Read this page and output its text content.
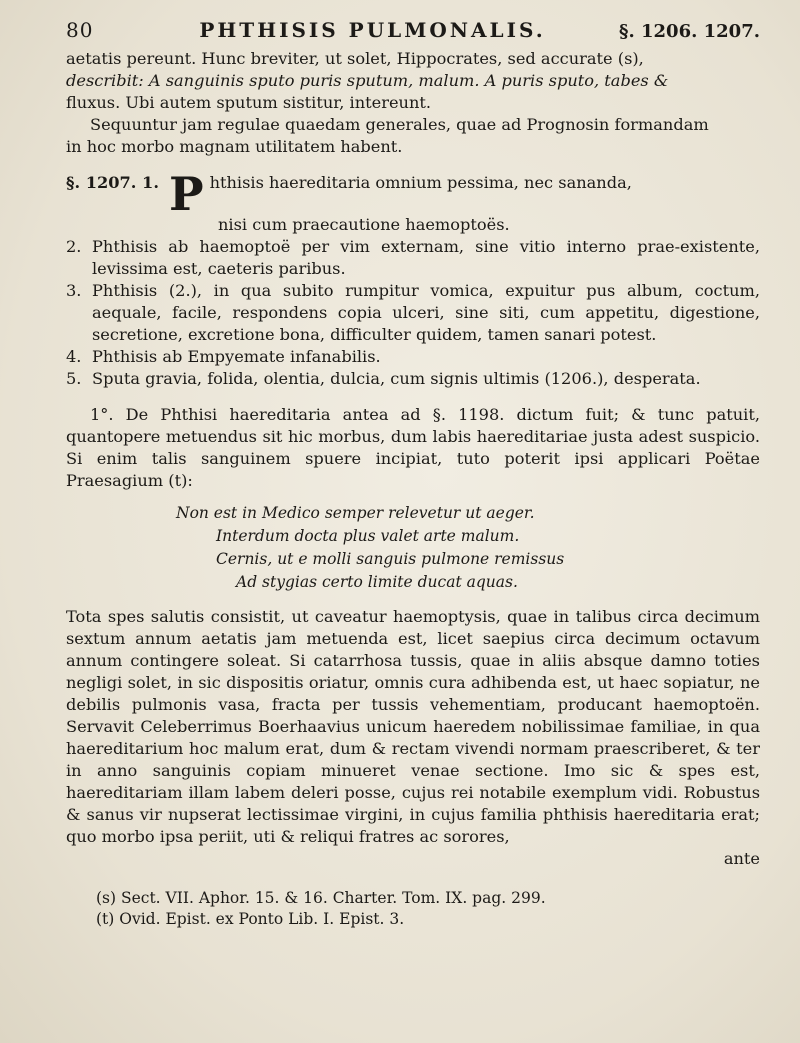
80	PHTHISIS PULMONALIS.	§. 1206. 1207.

aetatis pereunt. Hunc breviter, ut solet, Hippocrates, sed accurate (s),

describit: A sanguinis sputo puris sputum, malum. A puris sputo, tabes &

fluxus. Ubi autem sputum sistitur, intereunt.

Sequuntur jam regulae quaedam generales, quae ad Prognosin formandam

in hoc morbo magnam utilitatem habent.

§. 1207. 1. P hthisis haereditaria omnium pessima, nec sananda,

nisi cum praecautione haemoptoës.

2. Phthisis ab haemoptoë per vim externam, sine vitio interno prae-existente, levissima est, caeteris paribus.
3. Phthisis (2.), in qua subito rumpitur vomica, expuitur pus album, coctum, aequale, facile, respondens copia ulceri, sine siti, cum appetitu, digestione, secretione, excretione bona, difficulter quidem, tamen sanari potest.
4. Phthisis ab Empyemate infanabilis.
5. Sputa gravia, folida, olentia, dulcia, cum signis ultimis (1206.), desperata.

1°. De Phthisi haereditaria antea ad §. 1198. dictum fuit; & tunc patuit, quantopere metuendus sit hic morbus, dum labis haereditariae justa adest suspicio. Si enim talis sanguinem spuere incipiat, tuto poterit ipsi applicari Poëtae Praesagium (t):

Non est in Medico semper relevetur ut aeger.
Interdum docta plus valet arte malum.
Cernis, ut e molli sanguis pulmone remissus
Ad stygias certo limite ducat aquas.

Tota spes salutis consistit, ut caveatur haemoptysis, quae in talibus circa decimum sextum annum aetatis jam metuenda est, licet saepius circa decimum octavum annum contingere soleat. Si catarrhosa tussis, quae in aliis absque damno toties negligi solet, in sic dispositis oriatur, omnis cura adhibenda est, ut haec sopiatur, ne debilis pulmonis vasa, fracta per tussis vehementiam, producant haemoptoën. Servavit Celeberrimus Boerhaavius unicum haeredem nobilissimae familiae, in qua haereditarium hoc malum erat, dum & rectam vivendi normam praescriberet, & ter in anno sanguinis copiam minueret venae sectione. Imo sic & spes est, haereditariam illam labem deleri posse, cujus rei notabile exemplum vidi. Robustus & sanus vir nupserat lectissimae virgini, in cujus familia phthisis haereditaria erat; quo morbo ipsa periit, uti & reliqui fratres ac sorores,

ante

(s) Sect. VII. Aphor. 15. & 16. Charter. Tom. IX. pag. 299.
(t) Ovid. Epist. ex Ponto Lib. I. Epist. 3.
